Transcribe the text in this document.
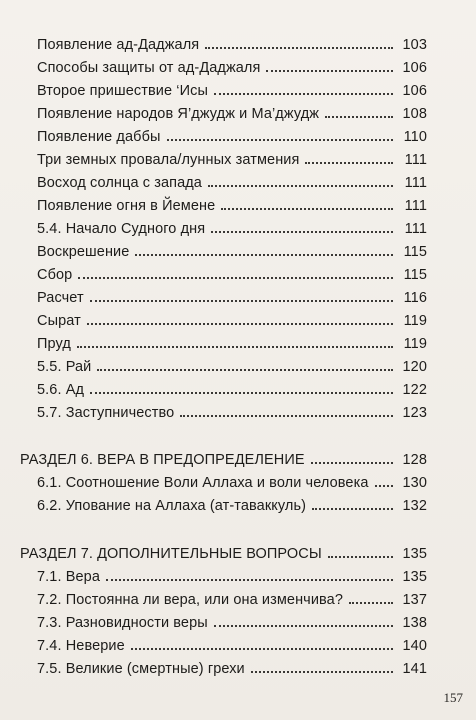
Появление ад-Даджаля	103
Способы защиты от ад-Даджаля	106
Второе пришествие ‘Исы	106
Появление народов Я’джудж и Ма’джудж	108
Появление даббы	110
Три земных провала/лунных затмения	111
Восход солнца с запада	111
Появление огня в Йемене	111
5.4. Начало Судного дня	111
Воскрешение	115
Сбор	115
Расчет	116
Сырат	119
Пруд	119
5.5. Рай	120
5.6. Ад	122
5.7. Заступничество	123
РАЗДЕЛ 6. ВЕРА В ПРЕДОПРЕДЕЛЕНИЕ	128
6.1. Соотношение Воли Аллаха и воли человека 130
6.2. Упование на Аллаха (ат-таваккуль)	132
РАЗДЕЛ 7. ДОПОЛНИТЕЛЬНЫЕ ВОПРОСЫ	135
7.1. Вера	135
7.2. Постоянна ли вера, или она изменчива?	137
7.3. Разновидности веры	138
7.4. Неверие	140
7.5. Великие (смертные) грехи	141
157
